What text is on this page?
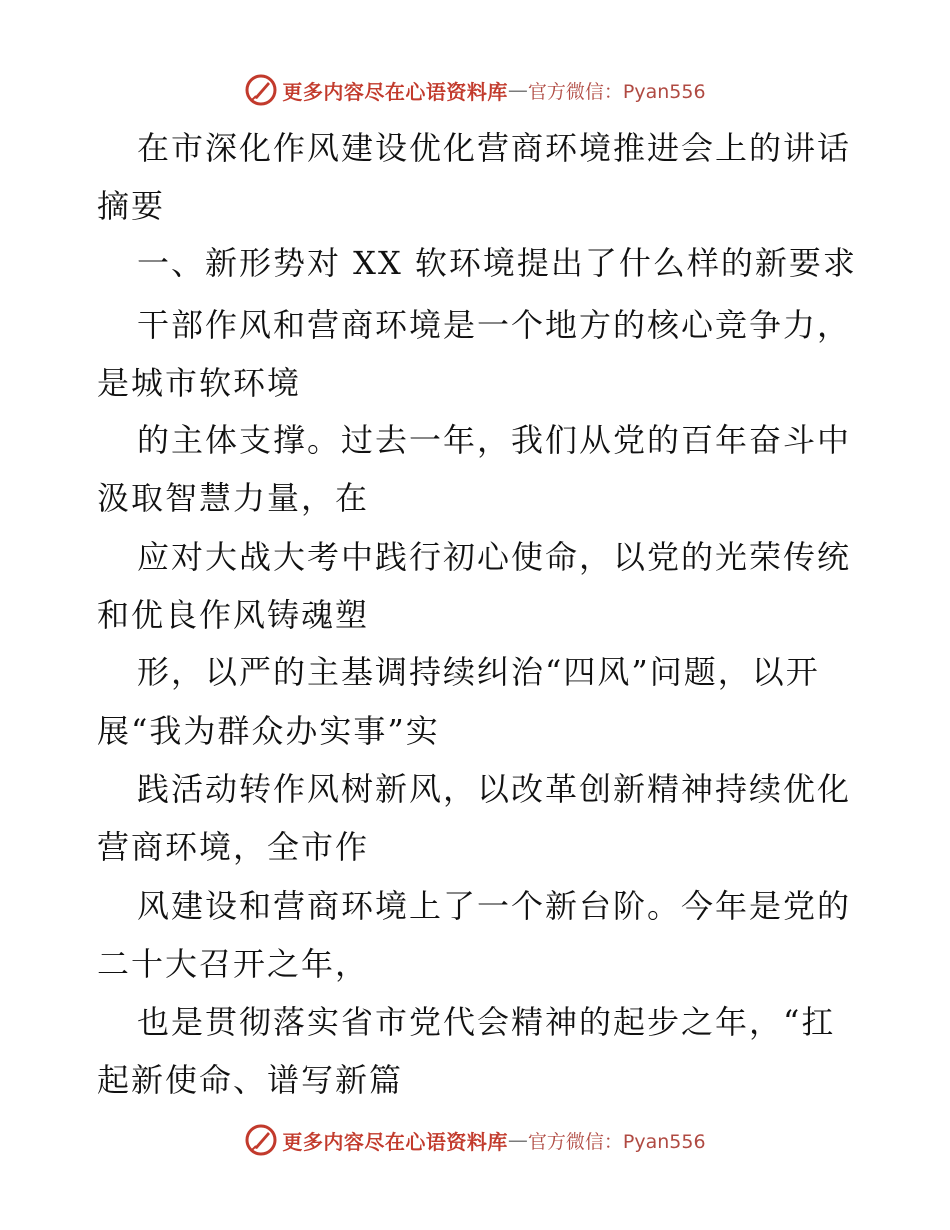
更多内容尽在心语资料库 — 官方微信：Pyan556
在市深化作风建设优化营商环境推进会上的讲话
摘要
一、新形势对 XX 软环境提出了什么样的新要求
干部作风和营商环境是一个地方的核心竞争力，
是城市软环境
的主体支撑。过去一年，我们从党的百年奋斗中
汲取智慧力量，在
应对大战大考中践行初心使命，以党的光荣传统
和优良作风铸魂塑
形，以严的主基调持续纠治“四风”问题，以开
展“我为群众办实事”实
践活动转作风树新风，以改革创新精神持续优化
营商环境，全市作
风建设和营商环境上了一个新台阶。今年是党的
二十大召开之年，
也是贯彻落实省市党代会精神的起步之年，“扛
起新使命、谱写新篇
更多内容尽在心语资料库 — 官方微信：Pyan556
